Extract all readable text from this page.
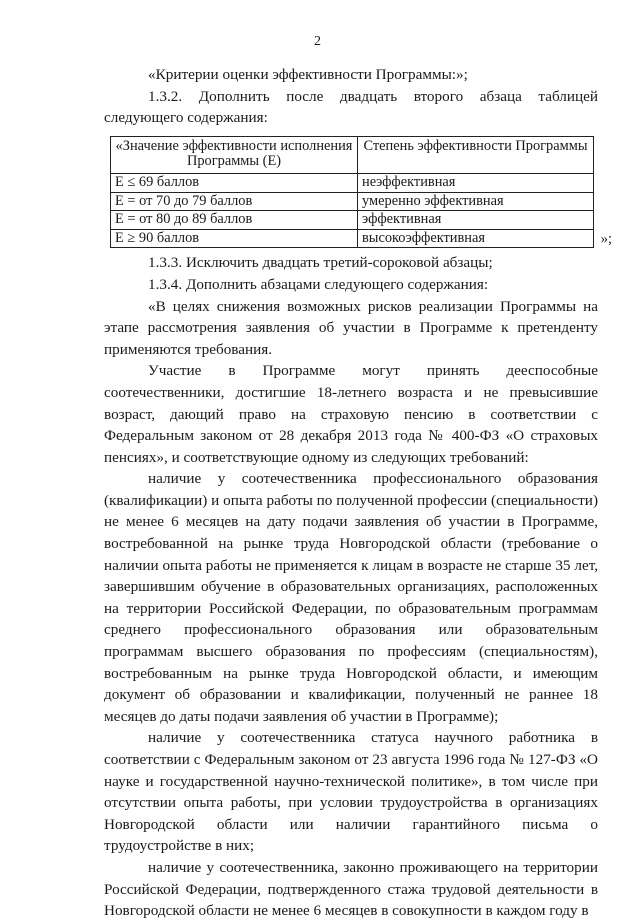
2

«Критерии оценки эффективности Программы:»;

1.3.2. Дополнить после двадцать второго абзаца таблицей следующего содержания:

«Значение эффективности исполнения Программы (Е)	Степень эффективности Программы
Е ≤ 69 баллов	неэффективная
Е = от 70 до 79 баллов	умеренно эффективная
Е = от 80 до 89 баллов	эффективная
Е ≥ 90 баллов	высокоэффективная	»;

1.3.3. Исключить двадцать третий-сороковой абзацы;

1.3.4. Дополнить абзацами следующего содержания:

«В целях снижения возможных рисков реализации Программы на этапе рассмотрения заявления об участии в Программе к претенденту применяются требования.

Участие в Программе могут принять дееспособные соотечественники, достигшие 18-летнего возраста и не превысившие возраст, дающий право на страховую пенсию в соответствии с Федеральным законом от 28 декабря 2013 года № 400-ФЗ «О страховых пенсиях», и соответствующие одному из следующих требований:

наличие у соотечественника профессионального образования (квалификации) и опыта работы по полученной профессии (специальности) не менее 6 месяцев на дату подачи заявления об участии в Программе, востребованной на рынке труда Новгородской области (требование о наличии опыта работы не применяется к лицам в возрасте не старше 35 лет, завершившим обучение в образовательных организациях, расположенных на территории Российской Федерации, по образовательным программам среднего профессионального образования или образовательным программам высшего образования по профессиям (специальностям), востребованным на рынке труда Новгородской области, и имеющим документ об образовании и квалификации, полученный не раннее 18 месяцев до даты подачи заявления об участии в Программе);

наличие у соотечественника статуса научного работника в соответствии с Федеральным законом от 23 августа 1996 года № 127-ФЗ «О науке и государственной научно-технической политике», в том числе при отсутствии опыта работы, при условии трудоустройства в организациях Новгородской области или наличии гарантийного письма о трудоустройстве в них;

наличие у соотечественника, законно проживающего на территории Российской Федерации, подтвержденного стажа трудовой деятельности в Новгородской области не менее 6 месяцев в совокупности в каждом году в
